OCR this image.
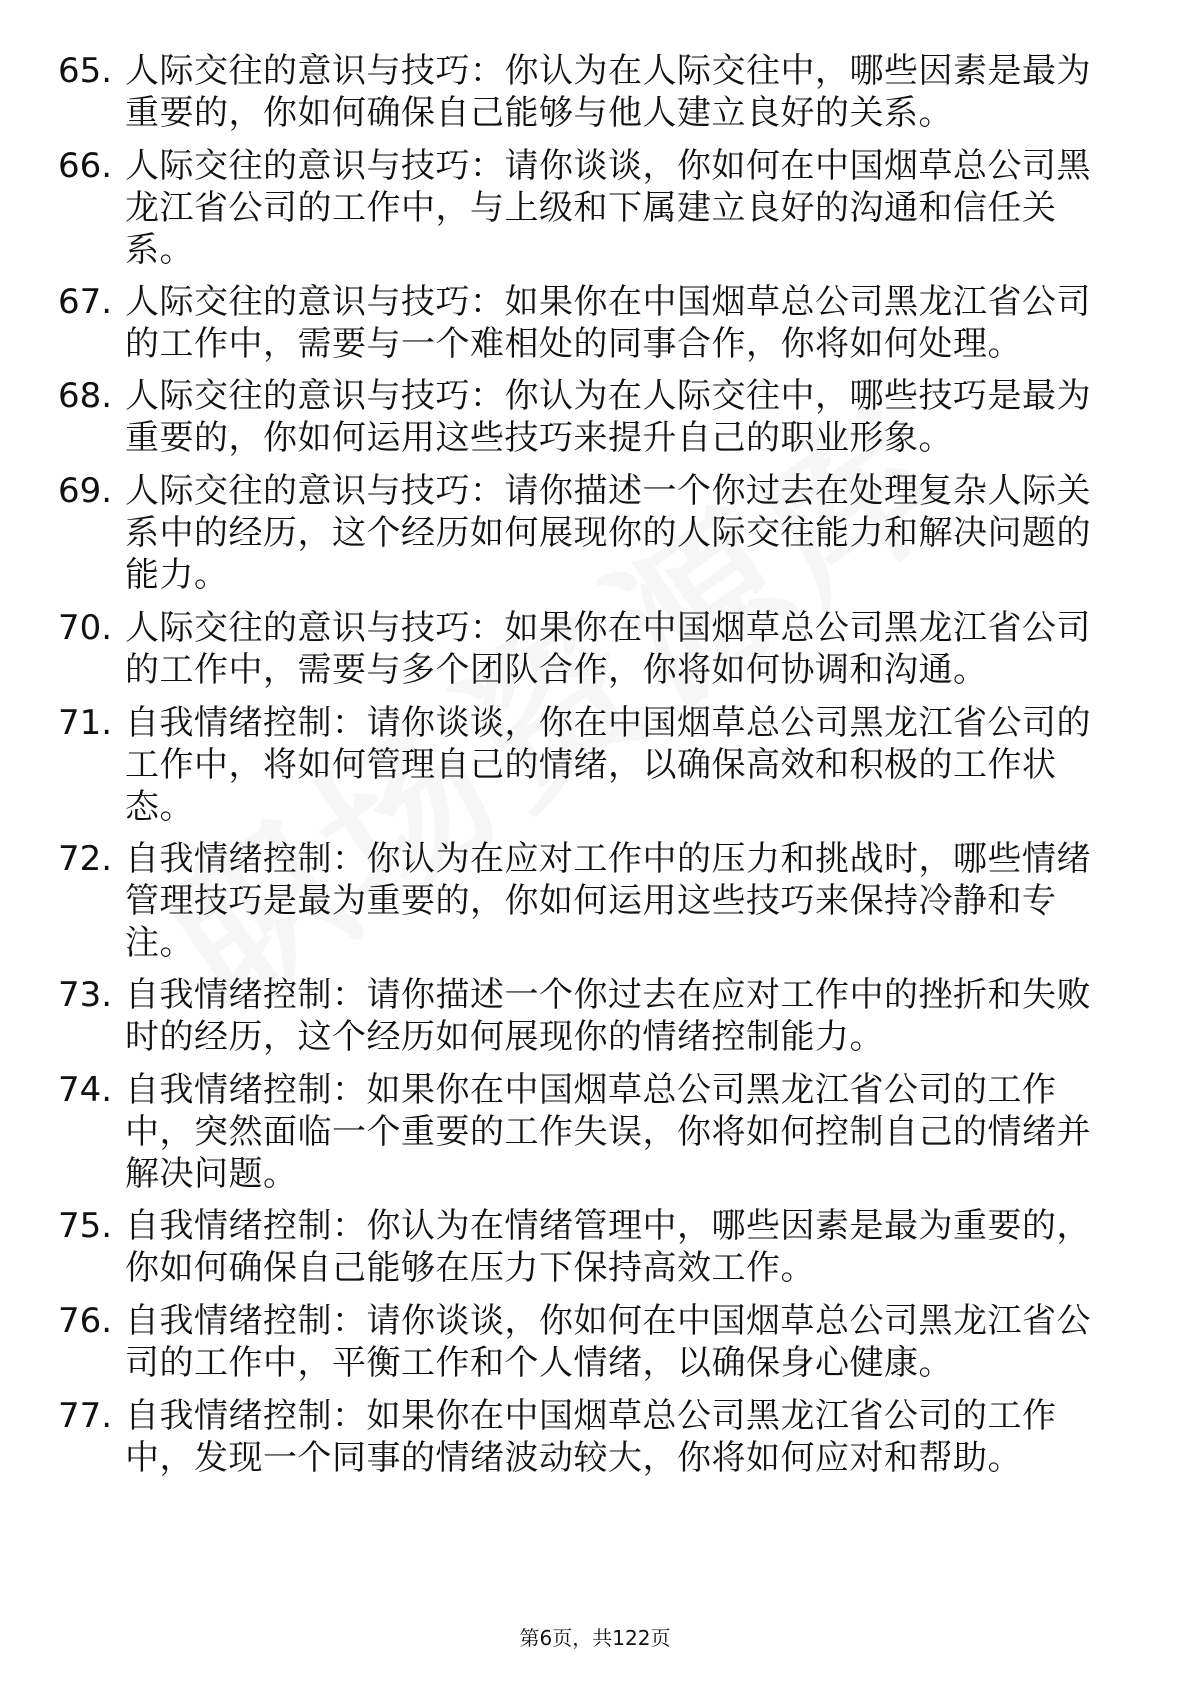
65. 人际交往的意识与技巧：你认为在人际交往中，哪些因素是最为重要的，你如何确保自己能够与他人建立良好的关系。
66. 人际交往的意识与技巧：请你谈谈，你如何在中国烟草总公司黑龙江省公司的工作中，与上级和下属建立良好的沟通和信任关系。
67. 人际交往的意识与技巧：如果你在中国烟草总公司黑龙江省公司的工作中，需要与一个难相处的同事合作，你将如何处理。
68. 人际交往的意识与技巧：你认为在人际交往中，哪些技巧是最为重要的，你如何运用这些技巧来提升自己的职业形象。
69. 人际交往的意识与技巧：请你描述一个你过去在处理复杂人际关系中的经历，这个经历如何展现你的人际交往能力和解决问题的能力。
70. 人际交往的意识与技巧：如果你在中国烟草总公司黑龙江省公司的工作中，需要与多个团队合作，你将如何协调和沟通。
71. 自我情绪控制：请你谈谈，你在中国烟草总公司黑龙江省公司的工作中，将如何管理自己的情绪，以确保高效和积极的工作状态。
72. 自我情绪控制：你认为在应对工作中的压力和挑战时，哪些情绪管理技巧是最为重要的，你如何运用这些技巧来保持冷静和专注。
73. 自我情绪控制：请你描述一个你过去在应对工作中的挫折和失败时的经历，这个经历如何展现你的情绪控制能力。
74. 自我情绪控制：如果你在中国烟草总公司黑龙江省公司的工作中，突然面临一个重要的工作失误，你将如何控制自己的情绪并解决问题。
75. 自我情绪控制：你认为在情绪管理中，哪些因素是最为重要的，你如何确保自己能够在压力下保持高效工作。
76. 自我情绪控制：请你谈谈，你如何在中国烟草总公司黑龙江省公司的工作中，平衡工作和个人情绪，以确保身心健康。
77. 自我情绪控制：如果你在中国烟草总公司黑龙江省公司的工作中，发现一个同事的情绪波动较大，你将如何应对和帮助。
第6页，共122页
